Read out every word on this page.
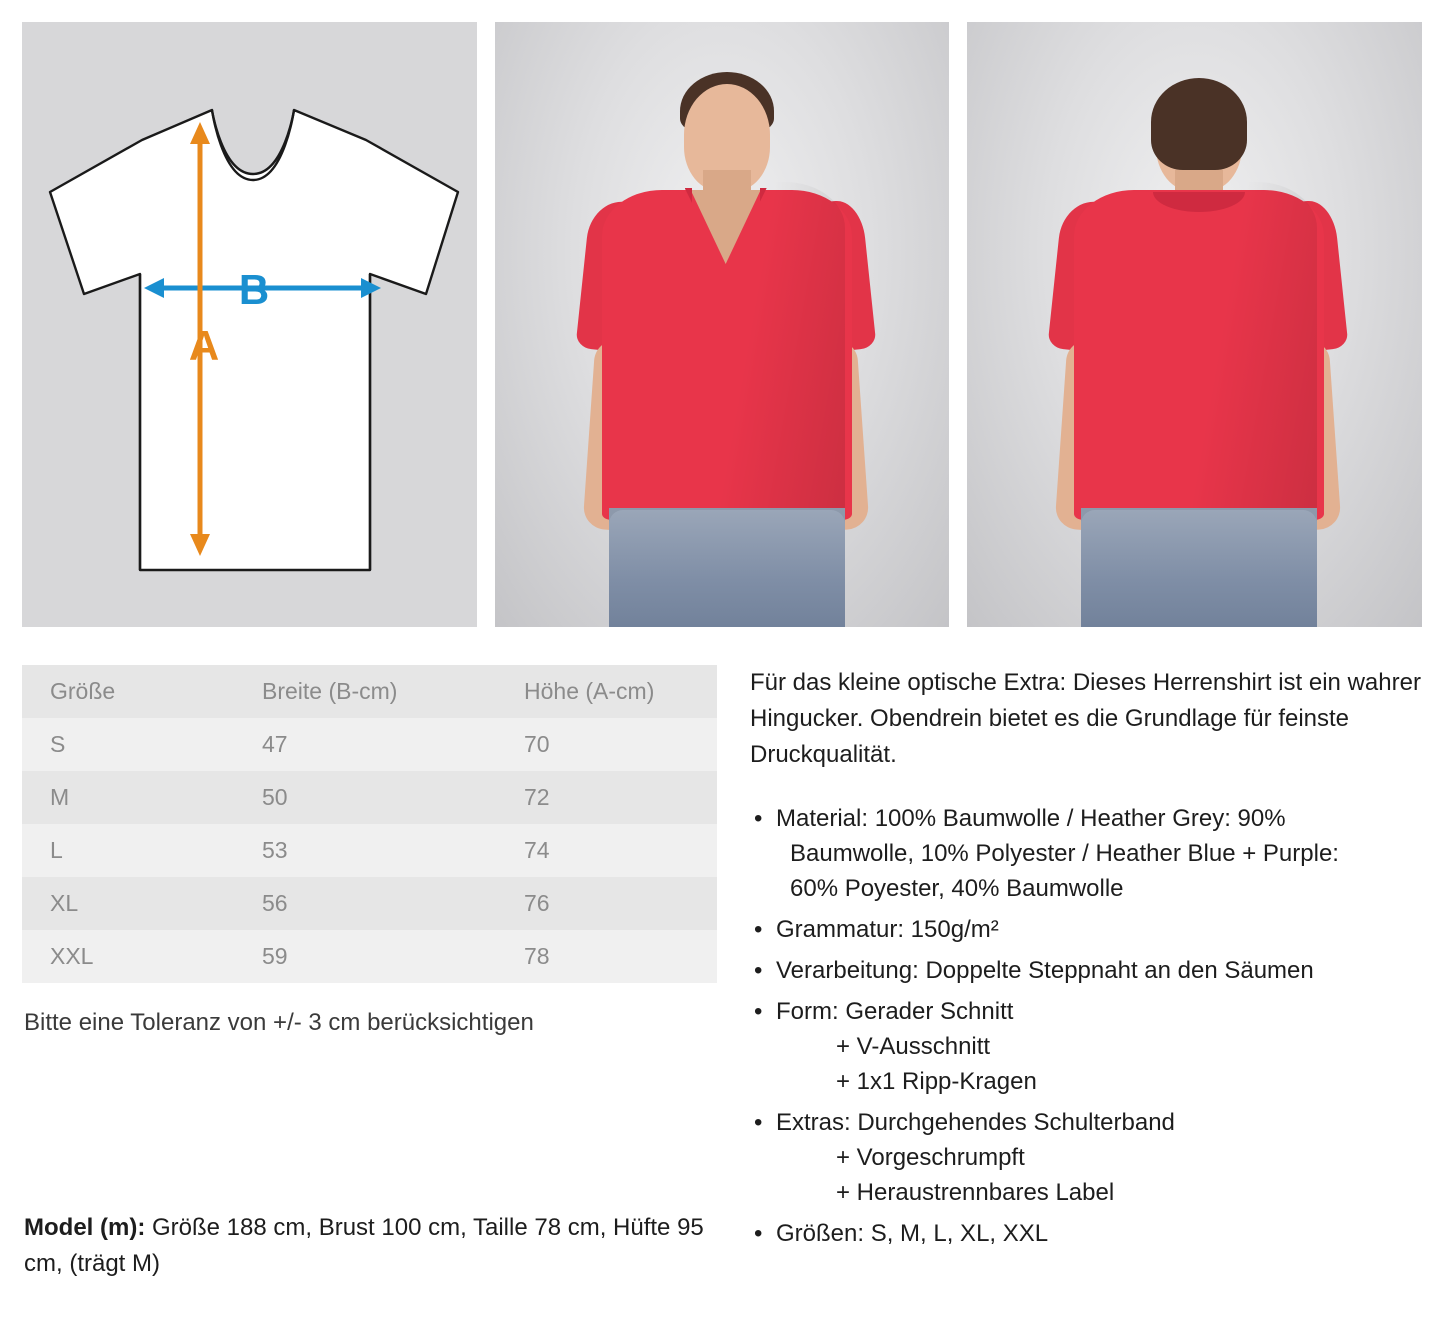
B
A
Größe	Breite (B-cm)	Höhe (A-cm)
S	47	70
M	50	72
L	53	74
XL	56	76
XXL	59	78
Bitte eine Toleranz von +/- 3 cm berücksichtigen

Für das kleine optische Extra: Dieses Herrenshirt ist ein wahrer Hingucker. Obendrein bietet es die Grundlage für feinste Druckqualität.

• Material: 100% Baumwolle / Heather Grey: 90%
Baumwolle, 10% Polyester / Heather Blue + Purple:
60% Poyester, 40% Baumwolle
• Grammatur: 150g/m²
• Verarbeitung: Doppelte Steppnaht an den Säumen
• Form: Gerader Schnitt
+ V-Ausschnitt
+ 1x1 Ripp-Kragen
• Extras: Durchgehendes Schulterband
+ Vorgeschrumpft
+ Heraustrennbares Label
• Größen: S, M, L, XL, XXL
Model (m): Größe 188 cm, Brust 100 cm, Taille 78 cm, Hüfte 95 cm, (trägt M)
